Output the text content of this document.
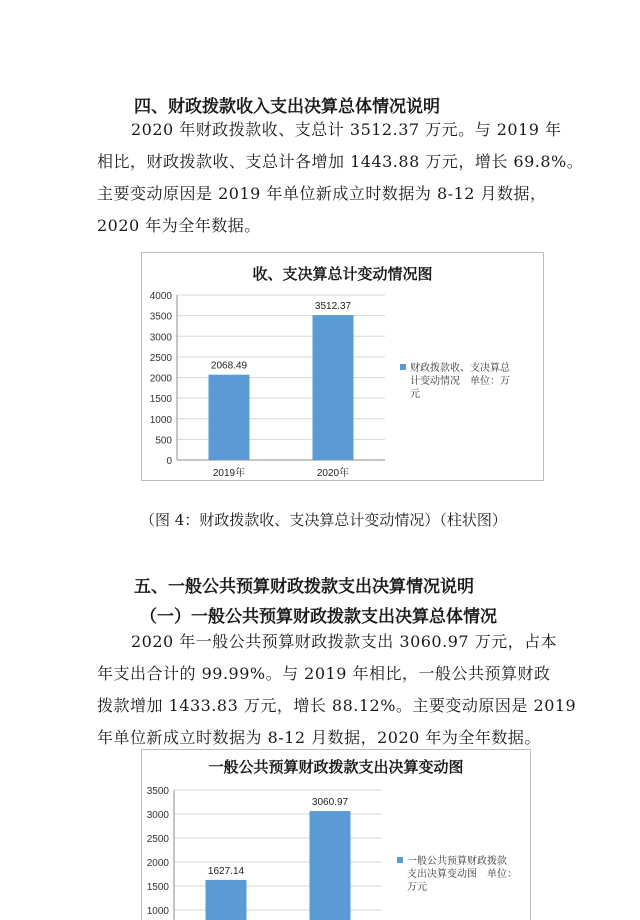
四、财政拨款收入支出决算总体情况说明
2020 年财政拨款收、支总计 3512.37 万元。与 2019 年
相比，财政拨款收、支总计各增加 1443.88 万元，增长 69.8%。
主要变动原因是 2019 年单位新成立时数据为 8-12 月数据，
2020 年为全年数据。
收、支决算总计变动情况图
0
500
1000
1500
2000
2500
3000
3500
4000
2068.49
2019年
3512.37
2020年
财政拨款收、支决算总
计变动情况　单位：万
元
（图 4：财政拨款收、支决算总计变动情况）（柱状图）
五、一般公共预算财政拨款支出决算情况说明
（一）一般公共预算财政拨款支出决算总体情况
2020 年一般公共预算财政拨款支出 3060.97 万元，占本
年支出合计的 99.99%。与 2019 年相比，一般公共预算财政
拨款增加 1433.83 万元，增长 88.12%。主要变动原因是 2019
年单位新成立时数据为 8-12 月数据，2020 年为全年数据。
一般公共预算财政拨款支出决算变动图
1000
1500
2000
2500
3000
3500
1627.14
3060.97
一般公共预算财政拨款
支出决算变动图　单位：
万元
